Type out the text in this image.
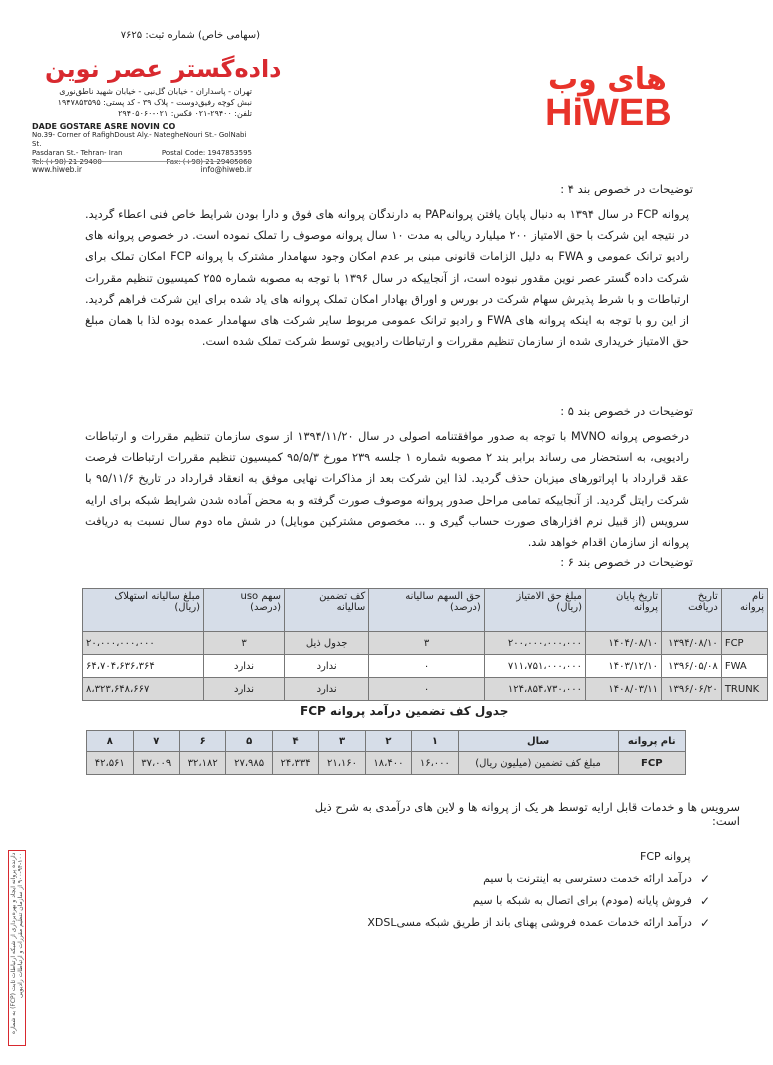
(سهامی خاص) شماره ثبت: ۷۶۲۵
داده‌گستر عصر نوین
تهران - پاسداران - خیابان گل‌نبی - خیابان شهید ناطق‌نوری
نبش کوچه رفیق‌دوست - پلاک ۳۹ - کد پستی: ۱۹۴۷۸۵۳۵۹۵
تلفن: ۲۹۴۰۰-۰۲۱ فکس: ۰۲۱-۲۹۴۰۵۰۶۰
DADE GOSTARE ASRE NOVIN CO
No.39- Corner of RafighDoust Aly.- NateghеNouri St.- GolNabi St.
Pasdaran St.- Tehran- Iran	Postal Code: 1947853595
Tel: (+98) 21 29400	Fax: (+98) 21 29405060
www.hiweb.ir	info@hiweb.ir
های وب
HiWEB
توضیحات در خصوص بند ۴ :
پروانه FCP در سال ۱۳۹۴ به دنبال پایان یافتن پروانهPAP به دارندگان پروانه های فوق و دارا بودن شرایط خاص فنی اعطاء گردید. در نتیجه این شرکت با حق الامتیاز ۲۰۰ میلیارد ریالی به مدت ۱۰ سال پروانه موصوف را تملک نموده است. در خصوص پروانه های رادیو ترانک عمومی و FWA به دلیل الزامات قانونی مبنی بر عدم امکان وجود سهامدار مشترک با پروانه FCP امکان تملک برای شرکت داده گستر عصر نوین مقدور نبوده است، از آنجاییکه در سال ۱۳۹۶ با توجه به مصوبه شماره ۲۵۵ کمیسیون تنظیم مقررات ارتباطات و با شرط پذیرش سهام شرکت در بورس و اوراق بهادار امکان تملک پروانه های یاد شده برای این شرکت فراهم گردید. از این رو با توجه به اینکه پروانه های FWA و رادیو ترانک عمومی مربوط سایر شرکت های سهامدار عمده بوده لذا با همان مبلغ حق الامتیاز خریداری شده از سازمان تنظیم مقررات و ارتباطات رادیویی توسط شرکت تملک شده است.
توضیحات در خصوص بند ۵ :
درخصوص پروانه MVNO با توجه به صدور موافقتنامه اصولی در سال ۱۳۹۴/۱۱/۲۰ از سوی سازمان تنظیم مقررات و ارتباطات رادیویی، به استحضار می رساند برابر بند ۲ مصوبه شماره ۱ جلسه ۲۳۹ مورخ ۹۵/۵/۳ کمیسیون تنظیم مقررات ارتباطات فرصت عقد قرارداد با اپراتورهای میزبان حذف گردید. لذا این شرکت بعد از مذاکرات نهایی موفق به انعقاد قرارداد در تاریخ ۹۵/۱۱/۶ با شرکت رایتل گردید. از آنجاییکه تمامی مراحل صدور پروانه موصوف صورت گرفته و به محض آماده شدن شرایط شبکه برای ارایه سرویس (از قبیل نرم افزارهای صورت حساب گیری و ... مخصوص مشترکین موبایل) در شش ماه دوم سال نسبت به دریافت پروانه از سازمان اقدام خواهد شد.
توضیحات در خصوص بند ۶ :
نام پروانه	تاریخ دریافت	تاریخ پایان پروانه	مبلغ حق الامتیاز (ریال)	حق السهم سالیانه (درصد)	کف تضمین سالیانه	سهم uso (درصد)	مبلغ سالیانه استهلاک (ریال)
FCP	۱۳۹۴/۰۸/۱۰	۱۴۰۴/۰۸/۱۰	۲۰۰،۰۰۰،۰۰۰،۰۰۰	۳	جدول ذیل	۳	۲۰،۰۰۰،۰۰۰،۰۰۰
FWA	۱۳۹۶/۰۵/۰۸	۱۴۰۳/۱۲/۱۰	۷۱۱،۷۵۱،۰۰۰،۰۰۰	۰	ندارد	ندارد	۶۴،۷۰۴،۶۳۶،۳۶۴
TRUNK	۱۳۹۶/۰۶/۲۰	۱۴۰۸/۰۳/۱۱	۱۲۴،۸۵۴،۷۳۰،۰۰۰	۰	ندارد	ندارد	۸،۳۲۳،۶۴۸،۶۶۷
جدول کف تضمین درآمد پروانه FCP
نام پروانه	سال	۱	۲	۳	۴	۵	۶	۷	۸
FCP	مبلغ کف تضمین (میلیون ریال)	۱۶،۰۰۰	۱۸،۴۰۰	۲۱،۱۶۰	۲۴،۳۳۴	۲۷،۹۸۵	۳۲،۱۸۲	۳۷،۰۰۹	۴۲،۵۶۱
سرویس ها و خدمات قابل ارایه توسط هر یک از پروانه ها و لاین های درآمدی به شرح ذیل است:
پروانه FCP
✓
درآمد ارائه خدمت دسترسی به اینترنت با سیم
✓
فروش پایانه (مودم) برای اتصال به شبکه با سیم
✓
درآمد ارائه خدمات عمده فروشی پهنای باند از طریق شبکه مسیXDSL
دارنده پروانه ایجاد و بهره‌برداری از شبکه ارتباطات ثابت (FCP) به شماره ۱۰۰-۹۴-۹۰۰ از سازمان تنظیم مقررات و ارتباطات رادیویی
